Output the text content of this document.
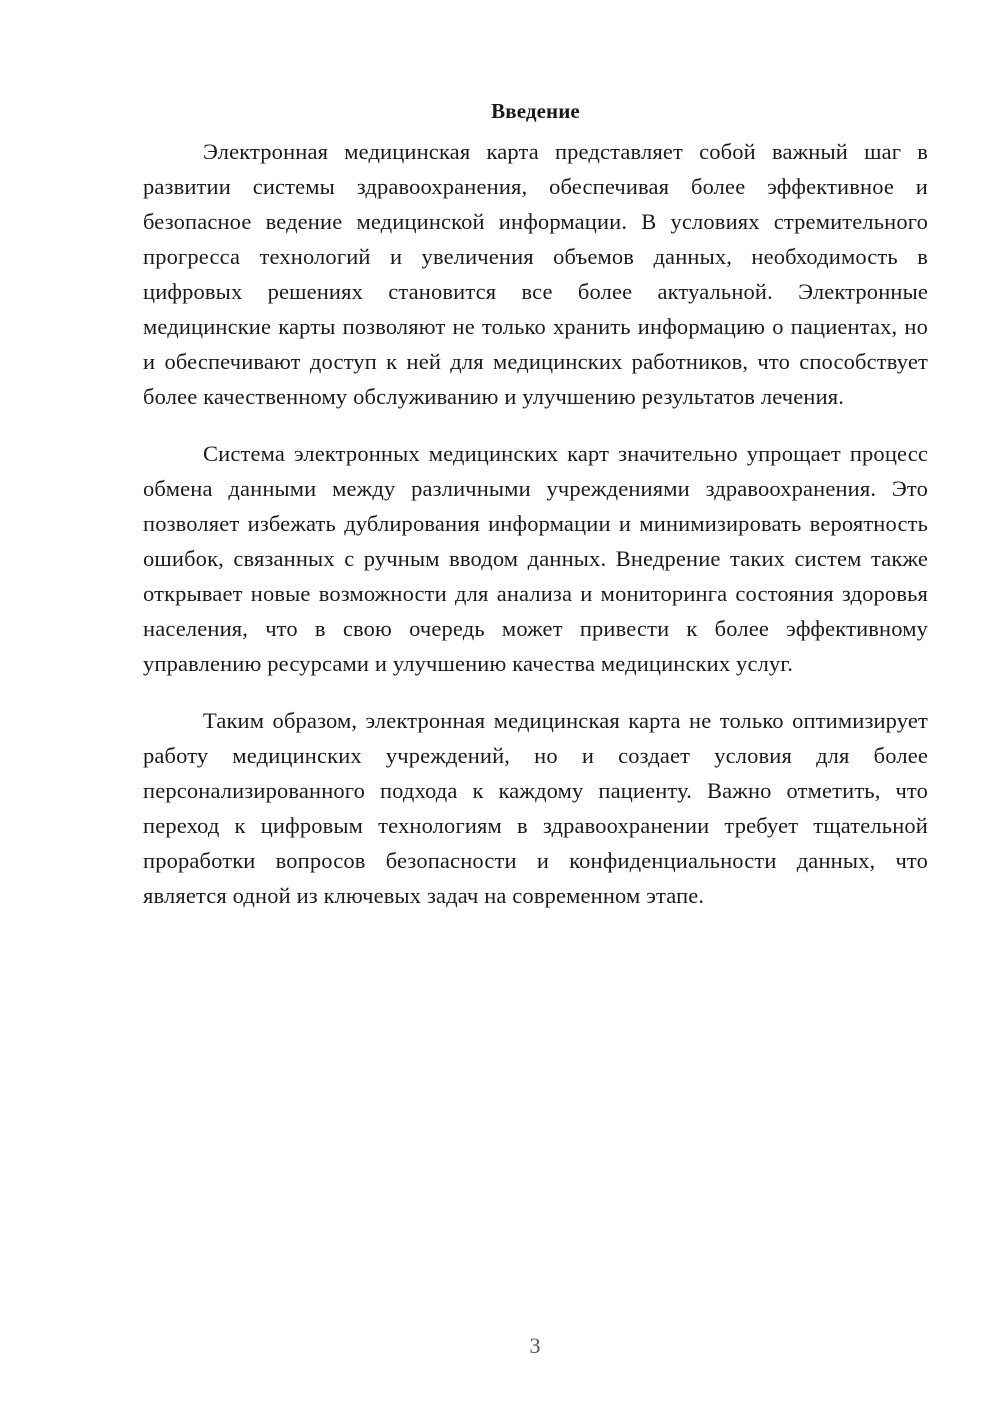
Введение

Электронная медицинская карта представляет собой важный шаг в развитии системы здравоохранения, обеспечивая более эффективное и безопасное ведение медицинской информации. В условиях стремительного прогресса технологий и увеличения объемов данных, необходимость в цифровых решениях становится все более актуальной. Электронные медицинские карты позволяют не только хранить информацию о пациентах, но и обеспечивают доступ к ней для медицинских работников, что способствует более качественному обслуживанию и улучшению результатов лечения.

Система электронных медицинских карт значительно упрощает процесс обмена данными между различными учреждениями здравоохранения. Это позволяет избежать дублирования информации и минимизировать вероятность ошибок, связанных с ручным вводом данных. Внедрение таких систем также открывает новые возможности для анализа и мониторинга состояния здоровья населения, что в свою очередь может привести к более эффективному управлению ресурсами и улучшению качества медицинских услуг.

Таким образом, электронная медицинская карта не только оптимизирует работу медицинских учреждений, но и создает условия для более персонализированного подхода к каждому пациенту. Важно отметить, что переход к цифровым технологиям в здравоохранении требует тщательной проработки вопросов безопасности и конфиденциальности данных, что является одной из ключевых задач на современном этапе.

3
